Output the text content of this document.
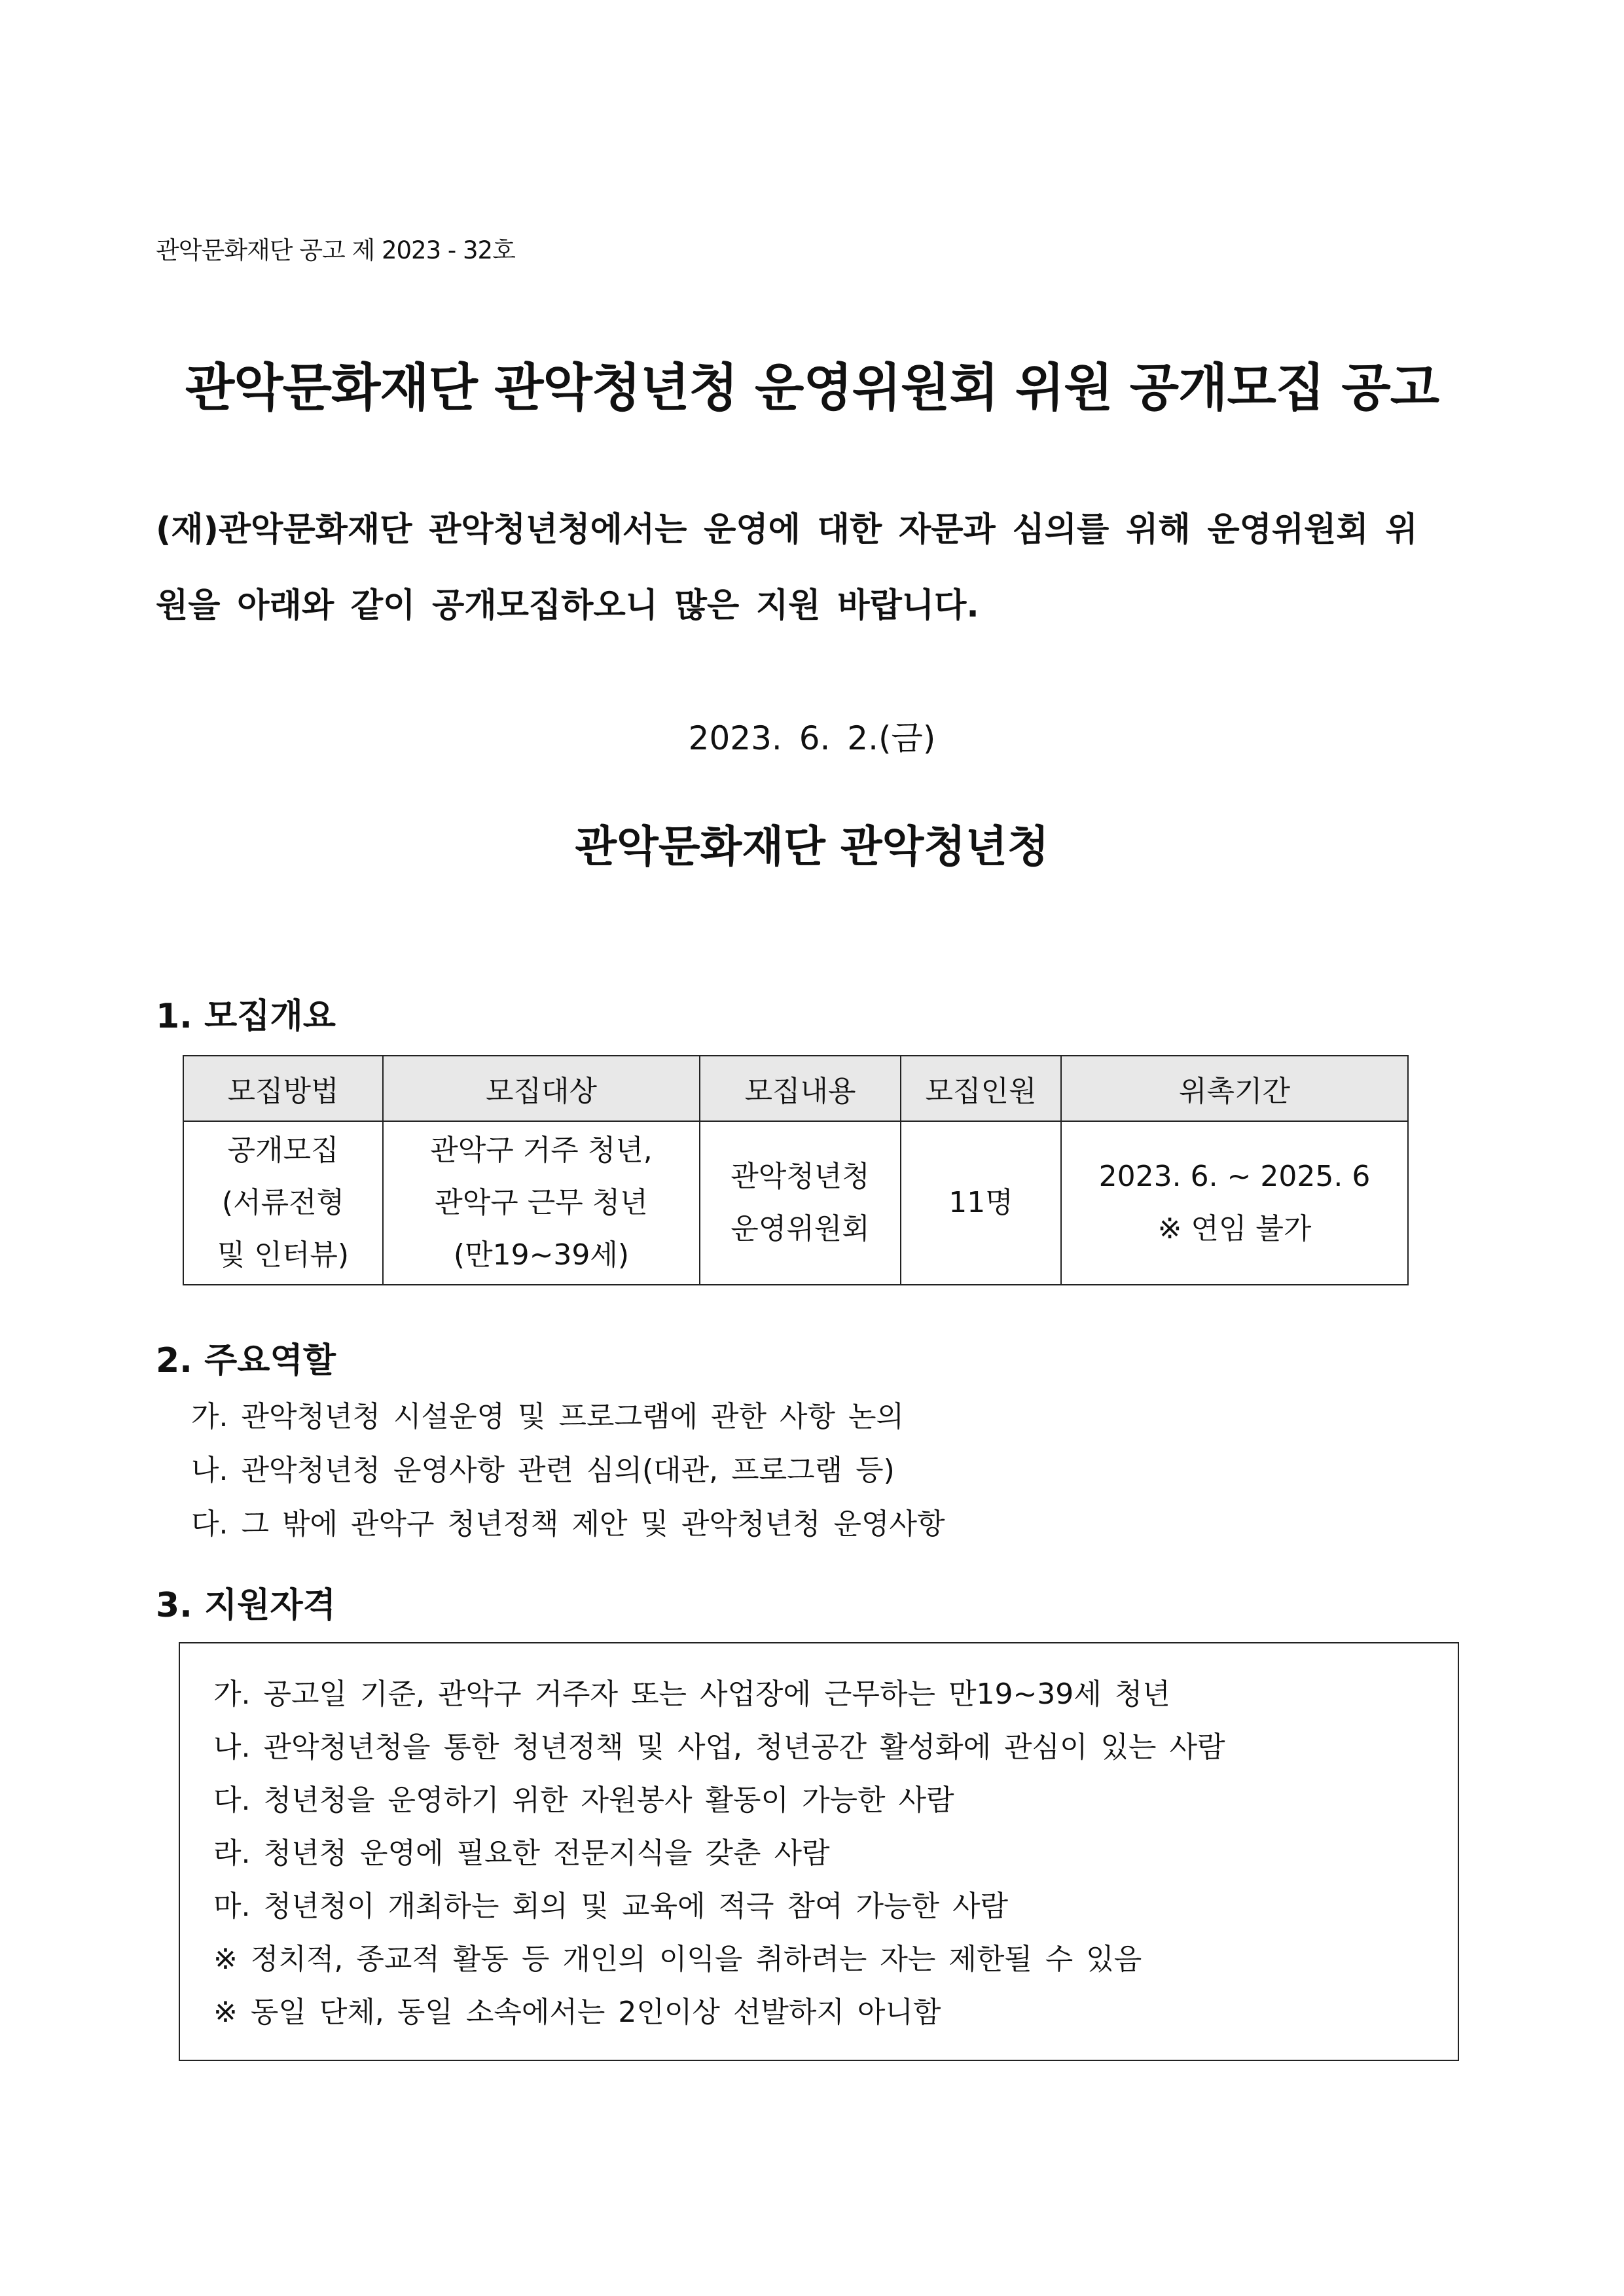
관악문화재단 공고 제 2023 - 32호
관악문화재단 관악청년청 운영위원회 위원 공개모집 공고

(재)관악문화재단 관악청년청에서는 운영에 대한 자문과 심의를 위해 운영위원회 위

원을 아래와 같이 공개모집하오니 많은 지원 바랍니다.

2023. 6. 2.(금)
관악문화재단 관악청년청
1. 모집개요
모집방법	모집대상	모집내용	모집인원	위촉기간

공개모집
(서류전형
및 인터뷰)	관악구 거주 청년,
관악구 근무 청년
(만19~39세)	관악청년청
운영위원회	11명	2023. 6. ~ 2025. 6
※ 연임 불가
2. 주요역할

가. 관악청년청 시설운영 및 프로그램에 관한 사항 논의

나. 관악청년청 운영사항 관련 심의(대관, 프로그램 등)

다. 그 밖에 관악구 청년정책 제안 및 관악청년청 운영사항

3. 지원자격

가. 공고일 기준, 관악구 거주자 또는 사업장에 근무하는 만19~39세 청년

나. 관악청년청을 통한 청년정책 및 사업, 청년공간 활성화에 관심이 있는 사람

다. 청년청을 운영하기 위한 자원봉사 활동이 가능한 사람

라. 청년청 운영에 필요한 전문지식을 갖춘 사람

마. 청년청이 개최하는 회의 및 교육에 적극 참여 가능한 사람

※ 정치적, 종교적 활동 등 개인의 이익을 취하려는 자는 제한될 수 있음

※ 동일 단체, 동일 소속에서는 2인이상 선발하지 아니함
